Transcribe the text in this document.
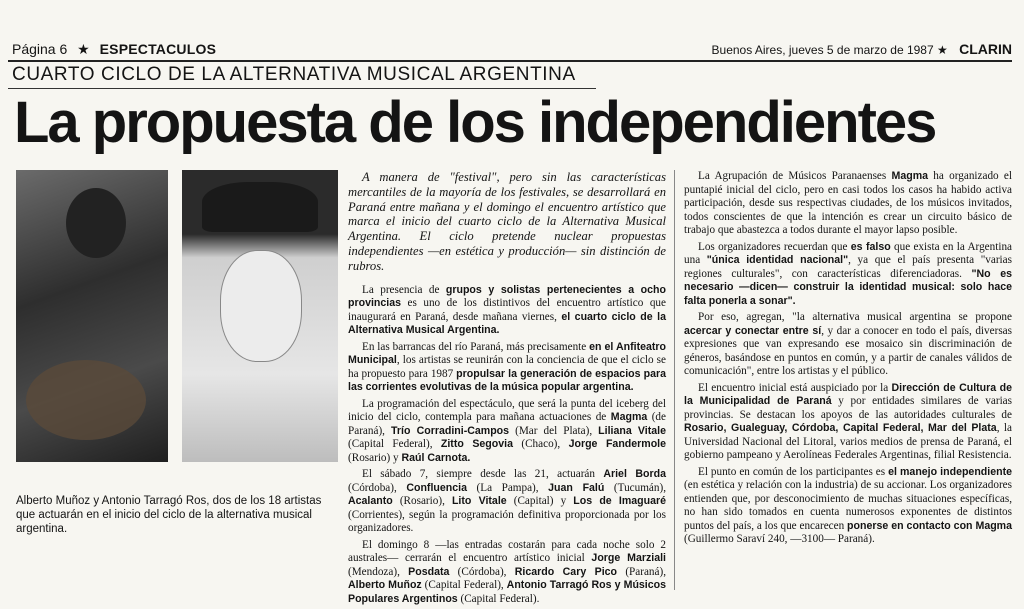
Página 6 ★ ESPECTACULOS	Buenos Aires, jueves 5 de marzo de 1987 ★ CLARIN
CUARTO CICLO DE LA ALTERNATIVA MUSICAL ARGENTINA
La propuesta de los independientes
Alberto Muñoz y Antonio Tarragó Ros, dos de los 18 artistas
que actuarán en el inicio del ciclo de la alternativa musical
argentina.

A manera de "festival", pero sin las características mercantiles de la mayoría de los festivales, se desarrollará en Paraná entre mañana y el domingo el encuentro artístico que marca el inicio del cuarto ciclo de la Alternativa Musical Argentina. El ciclo pretende nuclear propuestas independientes —en estética y producción— sin distinción de rubros.

La presencia de grupos y solistas pertenecientes a ocho provincias es uno de los distintivos del encuentro artístico que inaugurará en Paraná, desde mañana viernes, el cuarto ciclo de la Alternativa Musical Argentina.

En las barrancas del río Paraná, más precisamente en el Anfiteatro Municipal, los artistas se reunirán con la conciencia de que el ciclo se ha propuesto para 1987 propulsar la generación de espacios para las corrientes evolutivas de la música popular argentina.

La programación del espectáculo, que será la punta del iceberg del inicio del ciclo, contempla para mañana actuaciones de Magma (de Paraná), Trío Corradini-Campos (Mar del Plata), Liliana Vitale (Capital Federal), Zitto Segovia (Chaco), Jorge Fandermole (Rosario) y Raúl Carnota.

El sábado 7, siempre desde las 21, actuarán Ariel Borda (Córdoba), Confluencia (La Pampa), Juan Falú (Tucumán), Acalanto (Rosario), Lito Vitale (Capital) y Los de Imaguaré (Corrientes), según la programación definitiva proporcionada por los organizadores.

El domingo 8 —las entradas costarán para cada noche solo 2 australes— cerrarán el encuentro artístico inicial Jorge Marziali (Mendoza), Posdata (Córdoba), Ricardo Cary Pico (Paraná), Alberto Muñoz (Capital Federal), Antonio Tarragó Ros y Músicos Populares Argentinos (Capital Federal).

La Agrupación de Músicos Paranaenses Magma ha organizado el puntapié inicial del ciclo, pero en casi todos los casos ha habido activa participación, desde sus respectivas ciudades, de los músicos invitados, todos conscientes de que la intención es crear un circuito básico de trabajo que abastezca a todos durante el mayor lapso posible.

Los organizadores recuerdan que es falso que exista en la Argentina una "única identidad nacional", ya que el país presenta "varias regiones culturales", con características diferenciadoras. "No es necesario —dicen— construir la identidad musical: solo hace falta ponerla a sonar".

Por eso, agregan, "la alternativa musical argentina se propone acercar y conectar entre sí, y dar a conocer en todo el país, diversas expresiones que van expresando ese mosaico sin discriminación de géneros, basándose en puntos en común, y a partir de canales válidos de comunicación", entre los artistas y el público.

El encuentro inicial está auspiciado por la Dirección de Cultura de la Municipalidad de Paraná y por entidades similares de varias provincias. Se destacan los apoyos de las autoridades culturales de Rosario, Gualeguay, Córdoba, Capital Federal, Mar del Plata, la Universidad Nacional del Litoral, varios medios de prensa de Paraná, el gobierno pampeano y Aerolíneas Federales Argentinas, filial Resistencia.

El punto en común de los participantes es el manejo independiente (en estética y relación con la industria) de su accionar. Los organizadores entienden que, por desconocimiento de muchas situaciones específicas, no han sido tomados en cuenta numerosos exponentes de distintos puntos del país, a los que encarecen ponerse en contacto con Magma (Guillermo Saraví 240, —3100— Paraná).
